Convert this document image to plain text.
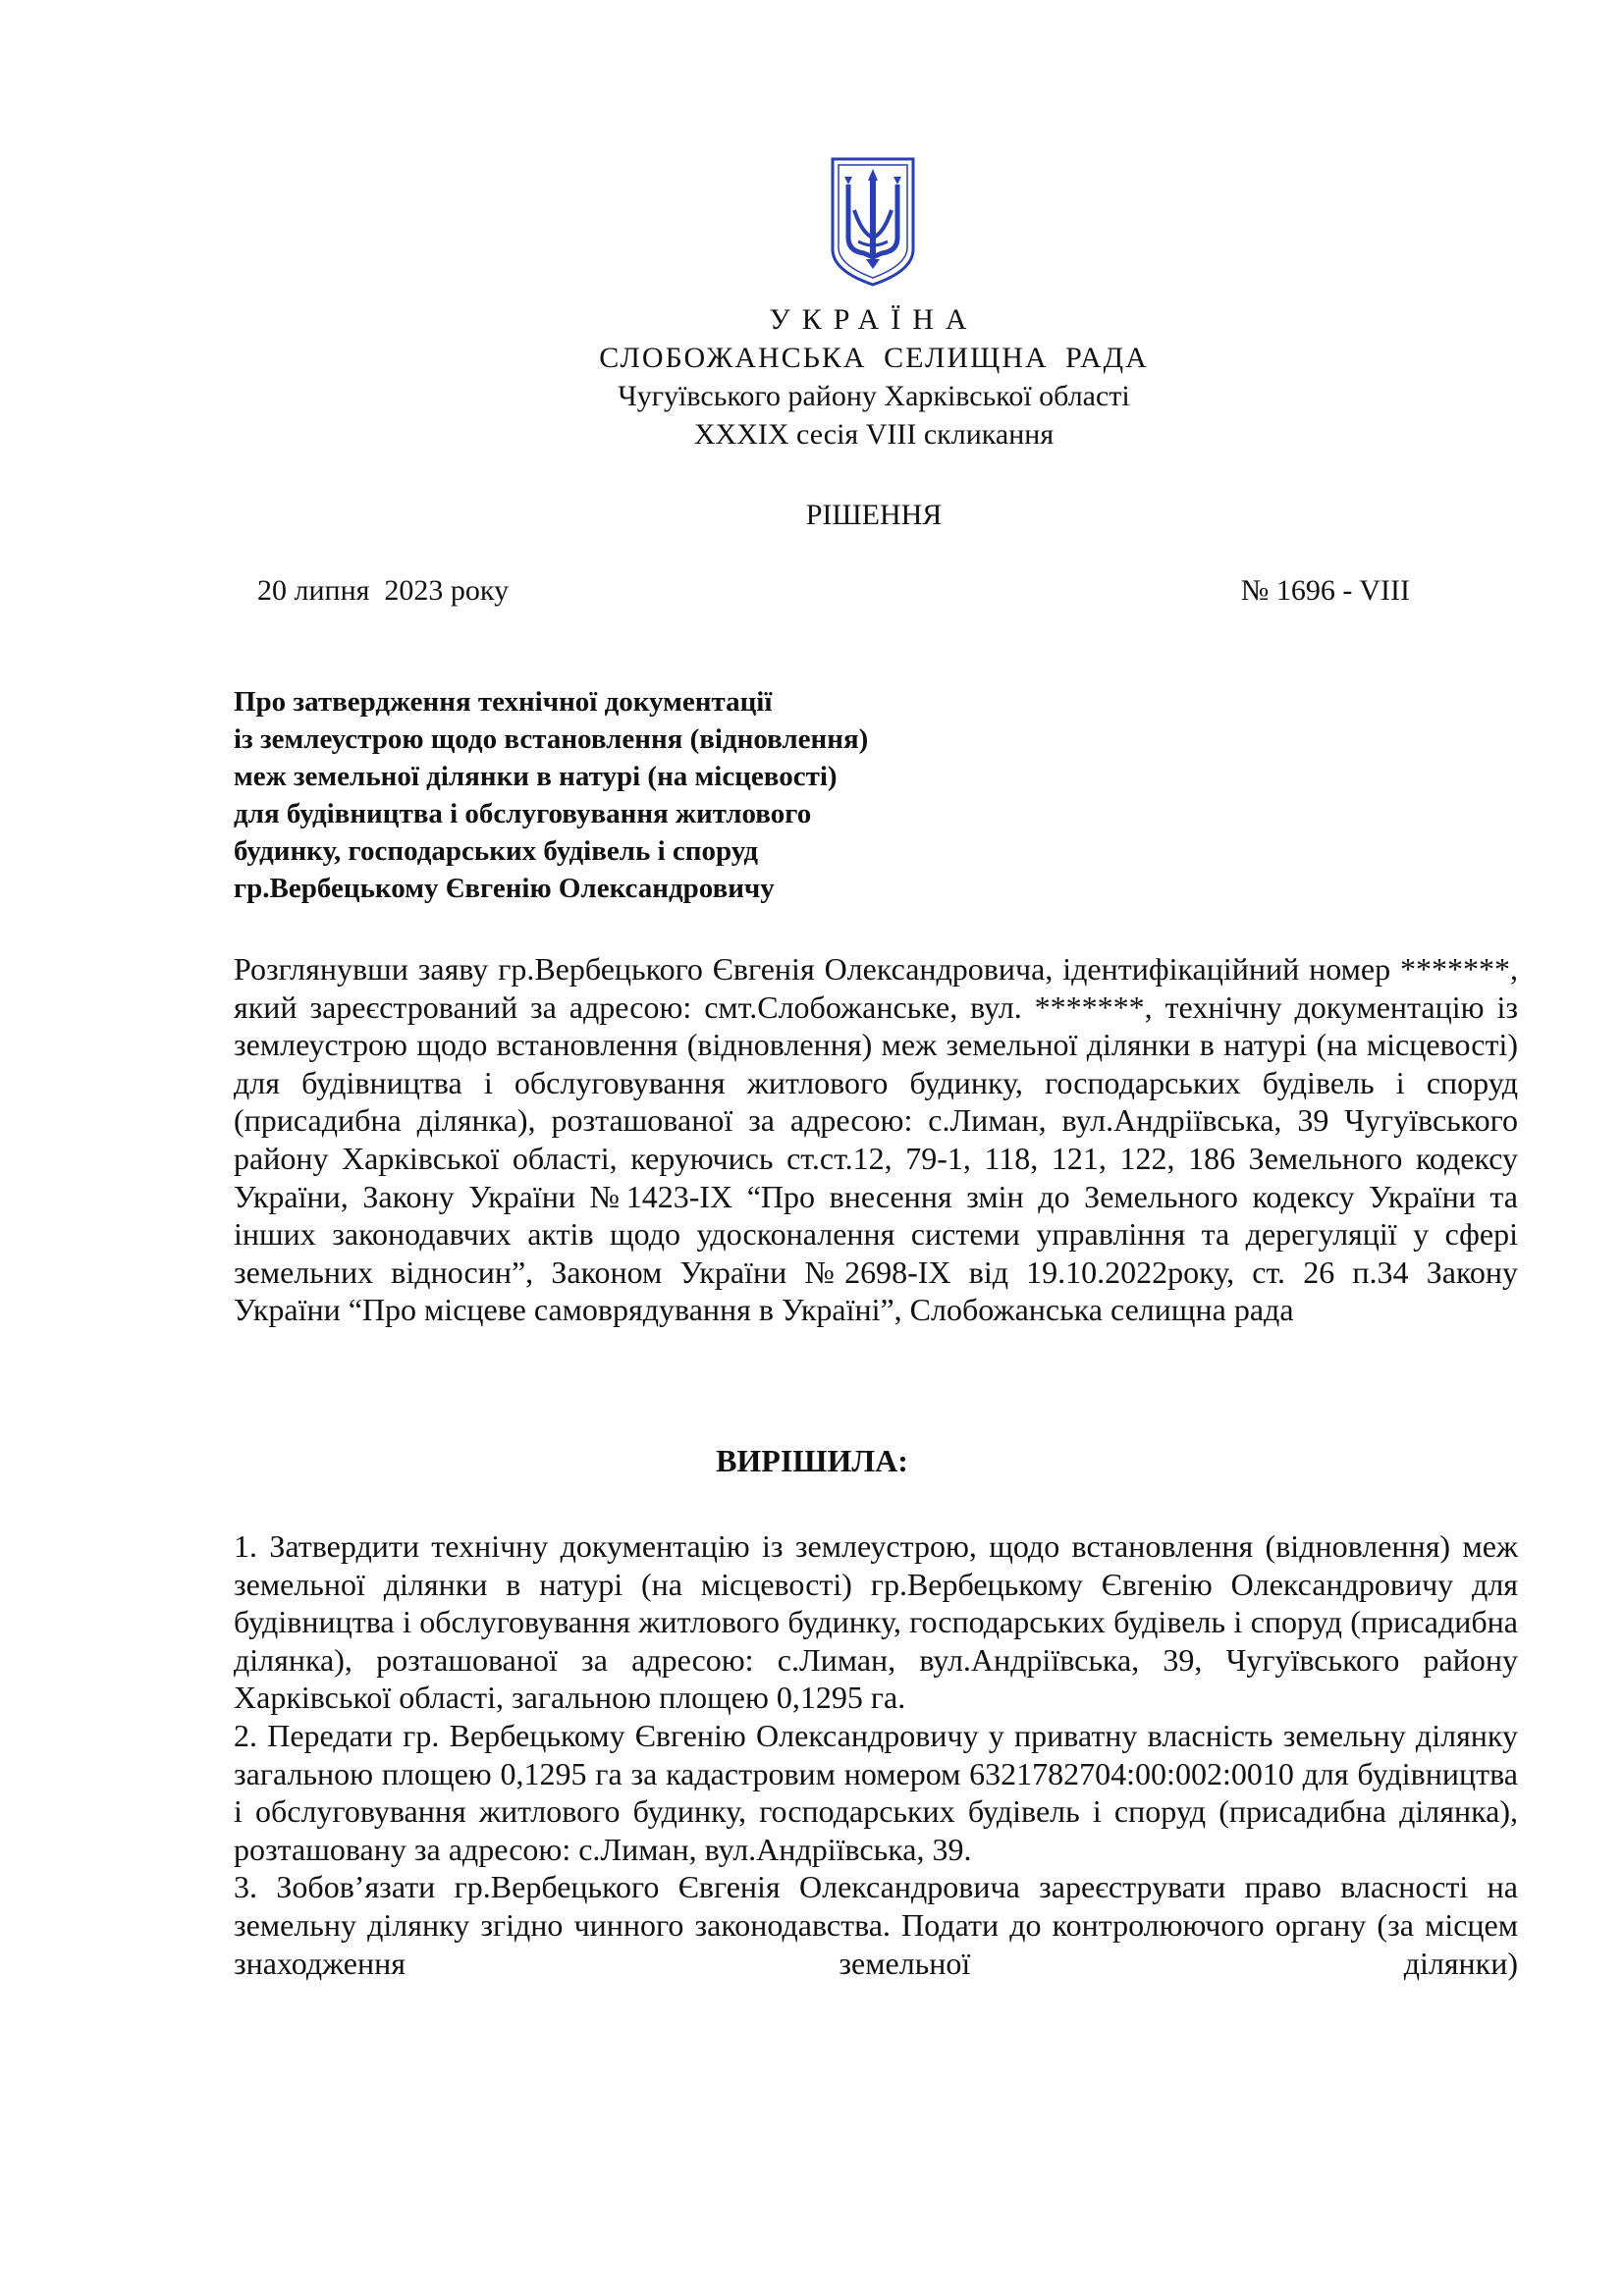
УКРАЇНА
СЛОБОЖАНСЬКА СЕЛИЩНА РАДА
Чугуївського району Харківської області
XXXIX сесія VIII скликання
РІШЕННЯ
20 липня  2023 року	№ 1696 - VIII
Про затвердження технічної документації
із землеустрою щодо встановлення (відновлення)
меж земельної ділянки в натурі (на місцевості)
для будівництва і обслуговування житлового
будинку, господарських будівель і споруд
гр.Вербецькому Євгенію Олександровичу

Розглянувши заяву гр.Вербецького Євгенія Олександровича, ідентифікаційний номер *******, який зареєстрований за адресою: смт.Слобожанське, вул. *******, технічну документацію із землеустрою щодо встановлення (відновлення) меж земельної ділянки в натурі (на місцевості) для будівництва і обслуговування житлового будинку, господарських будівель і споруд (присадибна ділянка), розташованої за адресою: с.Лиман, вул.Андріївська, 39 Чугуївського району Харківської області, керуючись ст.ст.12, 79-1, 118, 121, 122, 186 Земельного кодексу України, Закону України №1423-IX “Про внесення змін до Земельного кодексу України та інших законодавчих актів щодо удосконалення системи управління та дерегуляції у сфері земельних відносин”, Законом України №2698-IX від 19.10.2022року, ст. 26 п.34 Закону України “Про місцеве самоврядування в Україні”, Слобожанська селищна рада

ВИРІШИЛА:

1. Затвердити технічну документацію із землеустрою, щодо встановлення (відновлення) меж земельної ділянки в натурі (на місцевості) гр.Вербецькому Євгенію Олександровичу для будівництва і обслуговування житлового будинку, господарських будівель і споруд (присадибна ділянка), розташованої за адресою: с.Лиман, вул.Андріївська, 39, Чугуївського району Харківської області, загальною площею 0,1295 га.

2. Передати гр. Вербецькому Євгенію Олександровичу у приватну власність земельну ділянку загальною площею 0,1295 га за кадастровим номером 6321782704:00:002:0010 для будівництва і обслуговування житлового будинку, господарських будівель і споруд (присадибна ділянка), розташовану за адресою: с.Лиман, вул.Андріївська, 39.

3. Зобов’язати гр.Вербецького Євгенія Олександровича зареєструвати право власності на земельну ділянку згідно чинного законодавства. Подати до контролюючого органу (за місцем знаходження земельної ділянки)
